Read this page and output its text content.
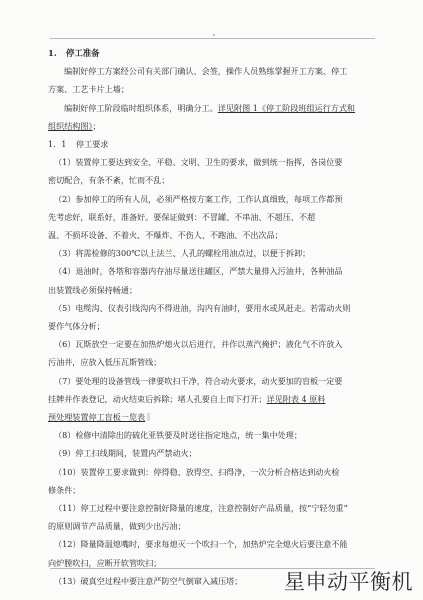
1. 停工准备
编制好停工方案经公司有关部门确认、会签，操作人员熟练掌握开工方案、停工
方案、工艺卡片上墙；
编制好停工阶段临时组织体系，明确分工。详见附图 1《停工阶段班组运行方式和
组织结构图》；
1．1 停工要求
（1）装置停工要达到安全、平稳、文明、卫生的要求，做到统一指挥，各岗位要
密切配合，有条不紊，忙而不乱；
（2）参加停工的所有人员，必须严格按方案工作，工作认真细致，每项工作都预
先考虑好，联系好，准备好。要保证做到：不冒罐、不串油、不超压、不超
温、不损坏设备、不着火、不爆炸、不伤人、不跑油、不出次品；
（3）将需检修的300℃以上法兰、人孔的螺栓用油点过，以便于拆卸；
（4）退油时，各塔和容器内存油尽量送往罐区，严禁大量排入污油井，各种油品
出装置线必须保持畅通；
（5）电缆沟、仪表引线沟内不得进油，沟内有油时，要用水或风赶走。若需动火则
要作气体分析；
（6）瓦斯放空一定要在加热炉熄火以后进行，并作以蒸汽掩护；液化气不许放入
污油井，应放入低压瓦斯管线；
（7）要处理的设备管线一律要吹扫干净，符合动火要求，动火要加的盲板一定要
挂牌并作表登记，动火结束后拆除；堵人孔要自上而下打开；详见附表 4 原料
预处理装置停工盲板一览表
（8）检修中清除出的硫化亚铁要及时送往指定地点，统一集中处理；
（9）停工扫线期间，装置内严禁动火；
（10）装置停工要求做到：停得稳、放得空、扫得净，一次分析合格达到动火检
修条件；
（11）停工过程中要注意控制好降量的速度，注意控制好产品质量，按“宁轻勿重”
的原则调节产品质量，做到少出污油；
（12）降量降温熄嘴时，要求每熄灭一个吹扫一个，加热炉完全熄火后要注意不能
向炉膛吹扫，应断开软管吹扫；
（13）破真空过程中要注意严防空气倒窜入减压塔；	星申动平衡机
